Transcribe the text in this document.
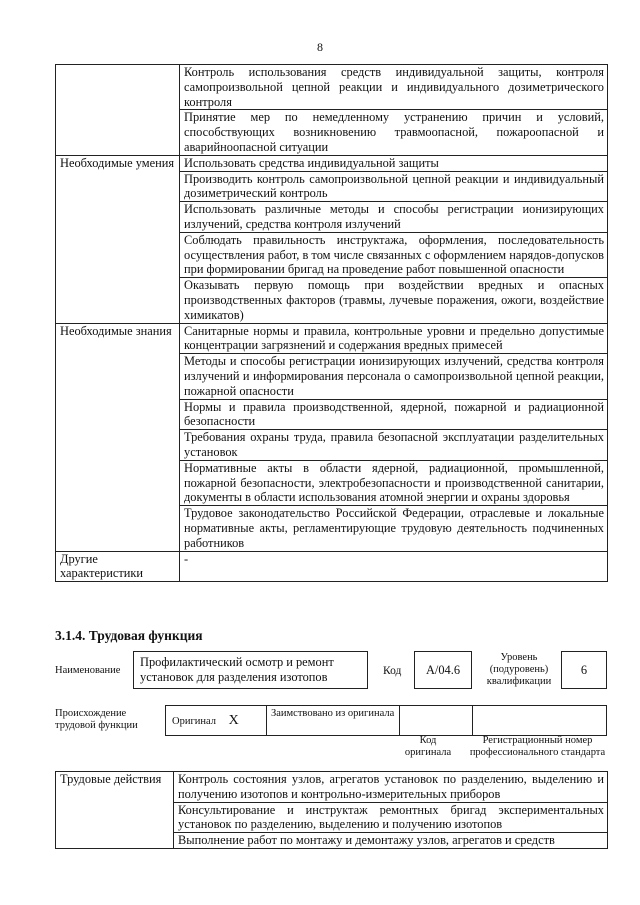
8
	Контроль использования средств индивидуальной защиты, контроля самопроизвольной цепной реакции и индивидуального дозиметрического контроля
	Принятие мер по немедленному устранению причин и условий, способствующих возникновению травмоопасной, пожароопасной и аварийноопасной ситуации
Необходимые умения	Использовать средства индивидуальной защиты
	Производить контроль самопроизвольной цепной реакции и индивидуальный дозиметрический контроль
	Использовать различные методы и способы регистрации ионизирующих излучений, средства контроля излучений
	Соблюдать правильность инструктажа, оформления, последовательность осуществления работ, в том числе связанных с оформлением нарядов-допусков при формировании бригад на проведение работ повышенной опасности
	Оказывать первую помощь при воздействии вредных и опасных производственных факторов (травмы, лучевые поражения, ожоги, воздействие химикатов)
Необходимые знания	Санитарные нормы и правила, контрольные уровни и предельно допустимые концентрации загрязнений и содержания вредных примесей
	Методы и способы регистрации ионизирующих излучений, средства контроля излучений и информирования персонала о самопроизвольной цепной реакции, пожарной опасности
	Нормы и правила производственной, ядерной, пожарной и радиационной безопасности
	Требования охраны труда, правила безопасной эксплуатации разделительных установок
	Нормативные акты в области ядерной, радиационной, промышленной, пожарной безопасности, электробезопасности и производственной санитарии, документы в области использования атомной энергии и охраны здоровья
	Трудовое законодательство Российской Федерации, отраслевые и локальные нормативные акты, регламентирующие трудовую деятельность подчиненных работников
Другие характеристики	-
3.1.4. Трудовая функция
Наименование
Профилактический осмотр и ремонт установок для разделения изотопов	Код	A/04.6
Уровень (подуровень) квалификации
6
Происхождение трудовой функции	Оригинал X	Заимствовано из оригинала		
Код оригинала
Регистрационный номер профессионального стандарта
Трудовые действия	Контроль состояния узлов, агрегатов установок по разделению, выделению и получению изотопов и контрольно-измерительных приборов
Консультирование и инструктаж ремонтных бригад экспериментальных установок по разделению, выделению и получению изотопов
Выполнение работ по монтажу и демонтажу узлов, агрегатов и средств
